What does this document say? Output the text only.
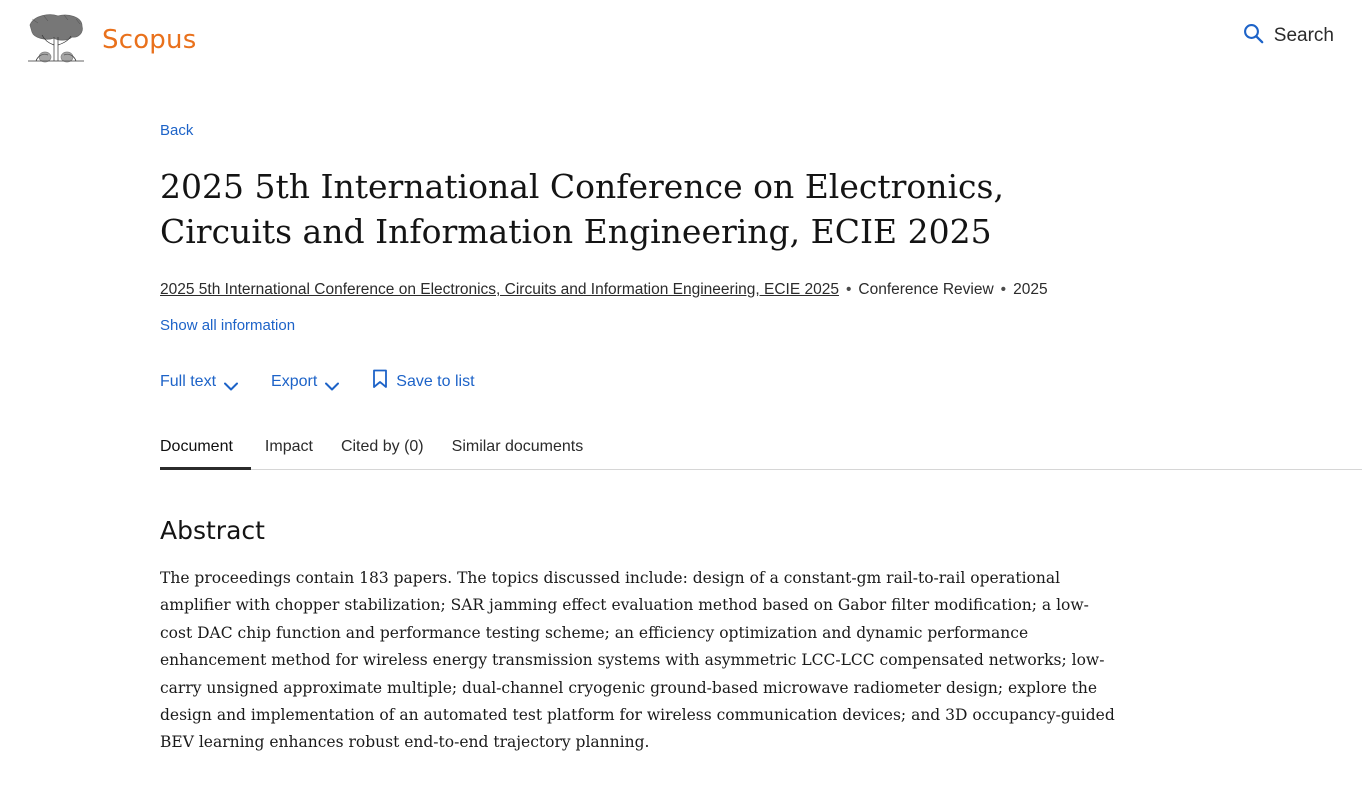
Scopus	Search
Back
2025 5th International Conference on Electronics, Circuits and Information Engineering, ECIE 2025
2025 5th International Conference on Electronics, Circuits and Information Engineering, ECIE 2025 • Conference Review • 2025
Show all information
Full text	Export	Save to list
Document	Impact	Cited by (0)	Similar documents
Abstract

The proceedings contain 183 papers. The topics discussed include: design of a constant-gm rail-to-rail operational amplifier with chopper stabilization; SAR jamming effect evaluation method based on Gabor filter modification; a low-cost DAC chip function and performance testing scheme; an efficiency optimization and dynamic performance enhancement method for wireless energy transmission systems with asymmetric LCC-LCC compensated networks; low-carry unsigned approximate multiple; dual-channel cryogenic ground-based microwave radiometer design; explore the design and implementation of an automated test platform for wireless communication devices; and 3D occupancy-guided BEV learning enhances robust end-to-end trajectory planning.
